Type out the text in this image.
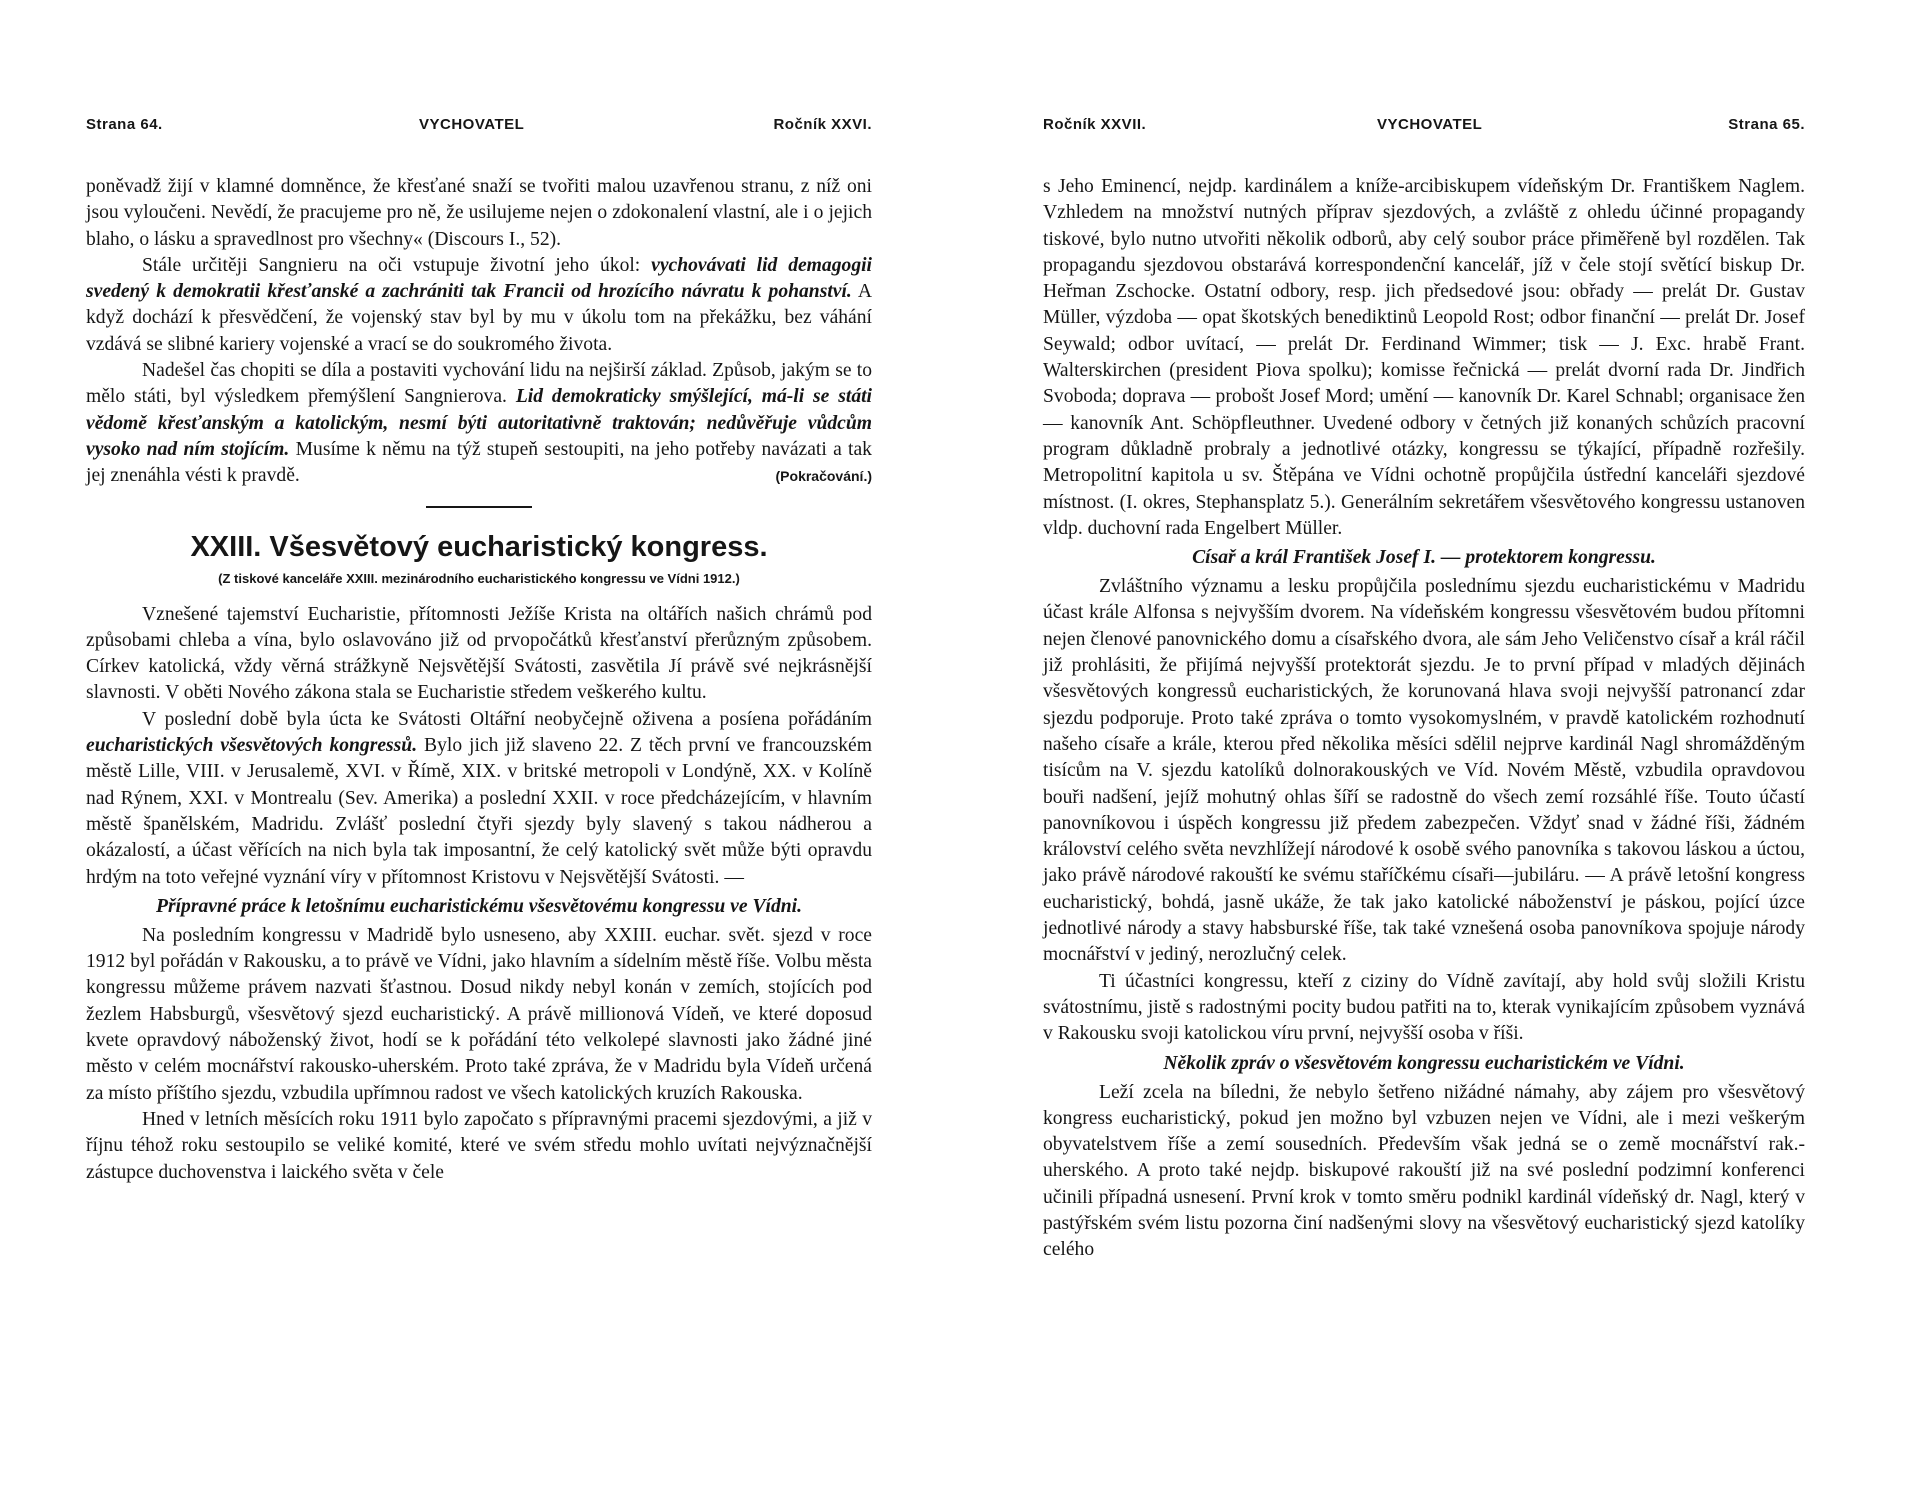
Strana 64.	VYCHOVATEL	Ročník XXVI.

poněvadž žijí v klamné domněnce, že křesťané snaží se tvořiti malou uzavřenou stranu, z níž oni jsou vyloučeni. Nevědí, že pracujeme pro ně, že usilujeme nejen o zdokonalení vlastní, ale i o jejich blaho, o lásku a spravedlnost pro všechny« (Discours I., 52).

Stále určitěji Sangnieru na oči vstupuje životní jeho úkol: vychovávati lid demagogii svedený k demokratii křesťanské a zachrániti tak Francii od hrozícího návratu k pohanství. A když dochází k přesvědčení, že vojenský stav byl by mu v úkolu tom na překážku, bez váhání vzdává se slibné kariery vojenské a vrací se do soukromého života.

Nadešel čas chopiti se díla a postaviti vychování lidu na nejširší základ. Způsob, jakým se to mělo státi, byl výsledkem přemýšlení Sangnierova. Lid demokraticky smýšlející, má-li se státi vědomě křesťanským a katolickým, nesmí býti autoritativně traktován; nedůvěřuje vůdcům vysoko nad ním stojícím. Musíme k němu na týž stupeň sestoupiti, na jeho potřeby navázati a tak jej znenáhla vésti k pravdě.	(Pokračování.)

XXIII. Všesvětový eucharistický kongress.
(Z tiskové kanceláře XXIII. mezinárodního eucharistického kongressu ve Vídni 1912.)

Vznešené tajemství Eucharistie, přítomnosti Ježíše Krista na oltářích našich chrámů pod způsobami chleba a vína, bylo oslavováno již od prvopočátků křesťanství přerůzným způsobem. Církev katolická, vždy věrná strážkyně Nejsvětější Svátosti, zasvětila Jí právě své nejkrásnější slavnosti. V oběti Nového zákona stala se Eucharistie středem veškerého kultu.

V poslední době byla úcta ke Svátosti Oltářní neobyčejně oživena a posíena pořádáním eucharistických všesvětových kongressů. Bylo jich již slaveno 22. Z těch první ve francouzském městě Lille, VIII. v Jerusalemě, XVI. v Římě, XIX. v britské metropoli v Londýně, XX. v Kolíně nad Rýnem, XXI. v Montrealu (Sev. Amerika) a poslední XXII. v roce předcházejícím, v hlavním městě španělském, Madridu. Zvlášť poslední čtyři sjezdy byly slavený s takou nádherou a okázalostí, a účast věřících na nich byla tak imposantní, že celý katolický svět může býti opravdu hrdým na toto veřejné vyznání víry v přítomnost Kristovu v Nejsvětější Svátosti. —

Přípravné práce k letošnímu eucharistickému všesvětovému kongressu ve Vídni.

Na posledním kongressu v Madridě bylo usneseno, aby XXIII. euchar. svět. sjezd v roce 1912 byl pořádán v Rakousku, a to právě ve Vídni, jako hlavním a sídelním městě říše. Volbu města kongressu můžeme právem nazvati šťastnou. Dosud nikdy nebyl konán v zemích, stojících pod žezlem Habsburgů, všesvětový sjezd eucharistický. A právě millionová Vídeň, ve které doposud kvete opravdový náboženský život, hodí se k pořádání této velkolepé slavnosti jako žádné jiné město v celém mocnářství rakousko-uherském. Proto také zpráva, že v Madridu byla Vídeň určená za místo příštího sjezdu, vzbudila upřímnou radost ve všech katolických kruzích Rakouska.

Hned v letních měsících roku 1911 bylo započato s přípravnými pracemi sjezdovými, a již v říjnu téhož roku sestoupilo se veliké komité, které ve svém středu mohlo uvítati nejvýznačnější zástupce duchovenstva i laického světa v čele

Ročník XXVII.	VYCHOVATEL	Strana 65.

s Jeho Eminencí, nejdp. kardinálem a kníže-arcibiskupem vídeňským Dr. Františkem Naglem. Vzhledem na množství nutných příprav sjezdových, a zvláště z ohledu účinné propagandy tiskové, bylo nutno utvořiti několik odborů, aby celý soubor práce přiměřeně byl rozdělen. Tak propagandu sjezdovou obstarává korrespondenční kancelář, jíž v čele stojí světící biskup Dr. Heřman Zschocke. Ostatní odbory, resp. jich předsedové jsou: obřady — prelát Dr. Gustav Müller, výzdoba — opat škotských benediktinů Leopold Rost; odbor finanční — prelát Dr. Josef Seywald; odbor uvítací, — prelát Dr. Ferdinand Wimmer; tisk — J. Exc. hrabě Frant. Walterskirchen (president Piova spolku); komisse řečnická — prelát dvorní rada Dr. Jindřich Svoboda; doprava — probošt Josef Mord; umění — kanovník Dr. Karel Schnabl; organisace žen — kanovník Ant. Schöpfleuthner. Uvedené odbory v četných již konaných schůzích pracovní program důkladně probraly a jednotlivé otázky, kongressu se týkající, případně rozřešily. Metropolitní kapitola u sv. Štěpána ve Vídni ochotně propůjčila ústřední kanceláři sjezdové místnost. (I. okres, Stephansplatz 5.). Generálním sekretářem všesvětového kongressu ustanoven vldp. duchovní rada Engelbert Müller.

Císař a král František Josef I. — protektorem kongressu.

Zvláštního významu a lesku propůjčila poslednímu sjezdu eucharistickému v Madridu účast krále Alfonsa s nejvyšším dvorem. Na vídeňském kongressu všesvětovém budou přítomni nejen členové panovnického domu a císařského dvora, ale sám Jeho Veličenstvo císař a král ráčil již prohlásiti, že přijímá nejvyšší protektorát sjezdu. Je to první případ v mladých dějinách všesvětových kongressů eucharistických, že korunovaná hlava svoji nejvyšší patronancí zdar sjezdu podporuje. Proto také zpráva o tomto vysokomyslném, v pravdě katolickém rozhodnutí našeho císaře a krále, kterou před několika měsíci sdělil nejprve kardinál Nagl shromážděným tisícům na V. sjezdu katolíků dolnorakouských ve Víd. Novém Městě, vzbudila opravdovou bouři nadšení, jejíž mohutný ohlas šíří se radostně do všech zemí rozsáhlé říše. Touto účastí panovníkovou i úspěch kongressu již předem zabezpečen. Vždyť snad v žádné říši, žádném království celého světa nevzhlížejí národové k osobě svého panovníka s takovou láskou a úctou, jako právě národové rakouští ke svému staříčkému císaři—jubiláru. — A právě letošní kongress eucharistický, bohdá, jasně ukáže, že tak jako katolické náboženství je páskou, pojící úzce jednotlivé národy a stavy habsburské říše, tak také vznešená osoba panovníkova spojuje národy mocnářství v jediný, nerozlučný celek.

Ti účastníci kongressu, kteří z ciziny do Vídně zavítají, aby hold svůj složili Kristu svátostnímu, jistě s radostnými pocity budou patřiti na to, kterak vynikajícím způsobem vyznává v Rakousku svoji katolickou víru první, nejvyšší osoba v říši.

Několik zpráv o všesvětovém kongressu eucharistickém ve Vídni.

Leží zcela na bíledni, že nebylo šetřeno nižádné námahy, aby zájem pro všesvětový kongress eucharistický, pokud jen možno byl vzbuzen nejen ve Vídni, ale i mezi veškerým obyvatelstvem říše a zemí sousedních. Především však jedná se o země mocnářství rak.-uherského. A proto také nejdp. biskupové rakouští již na své poslední podzimní konferenci učinili případná usnesení. První krok v tomto směru podnikl kardinál vídeňský dr. Nagl, který v pastýřském svém listu pozorna činí nadšenými slovy na všesvětový eucharistický sjezd katolíky celého
